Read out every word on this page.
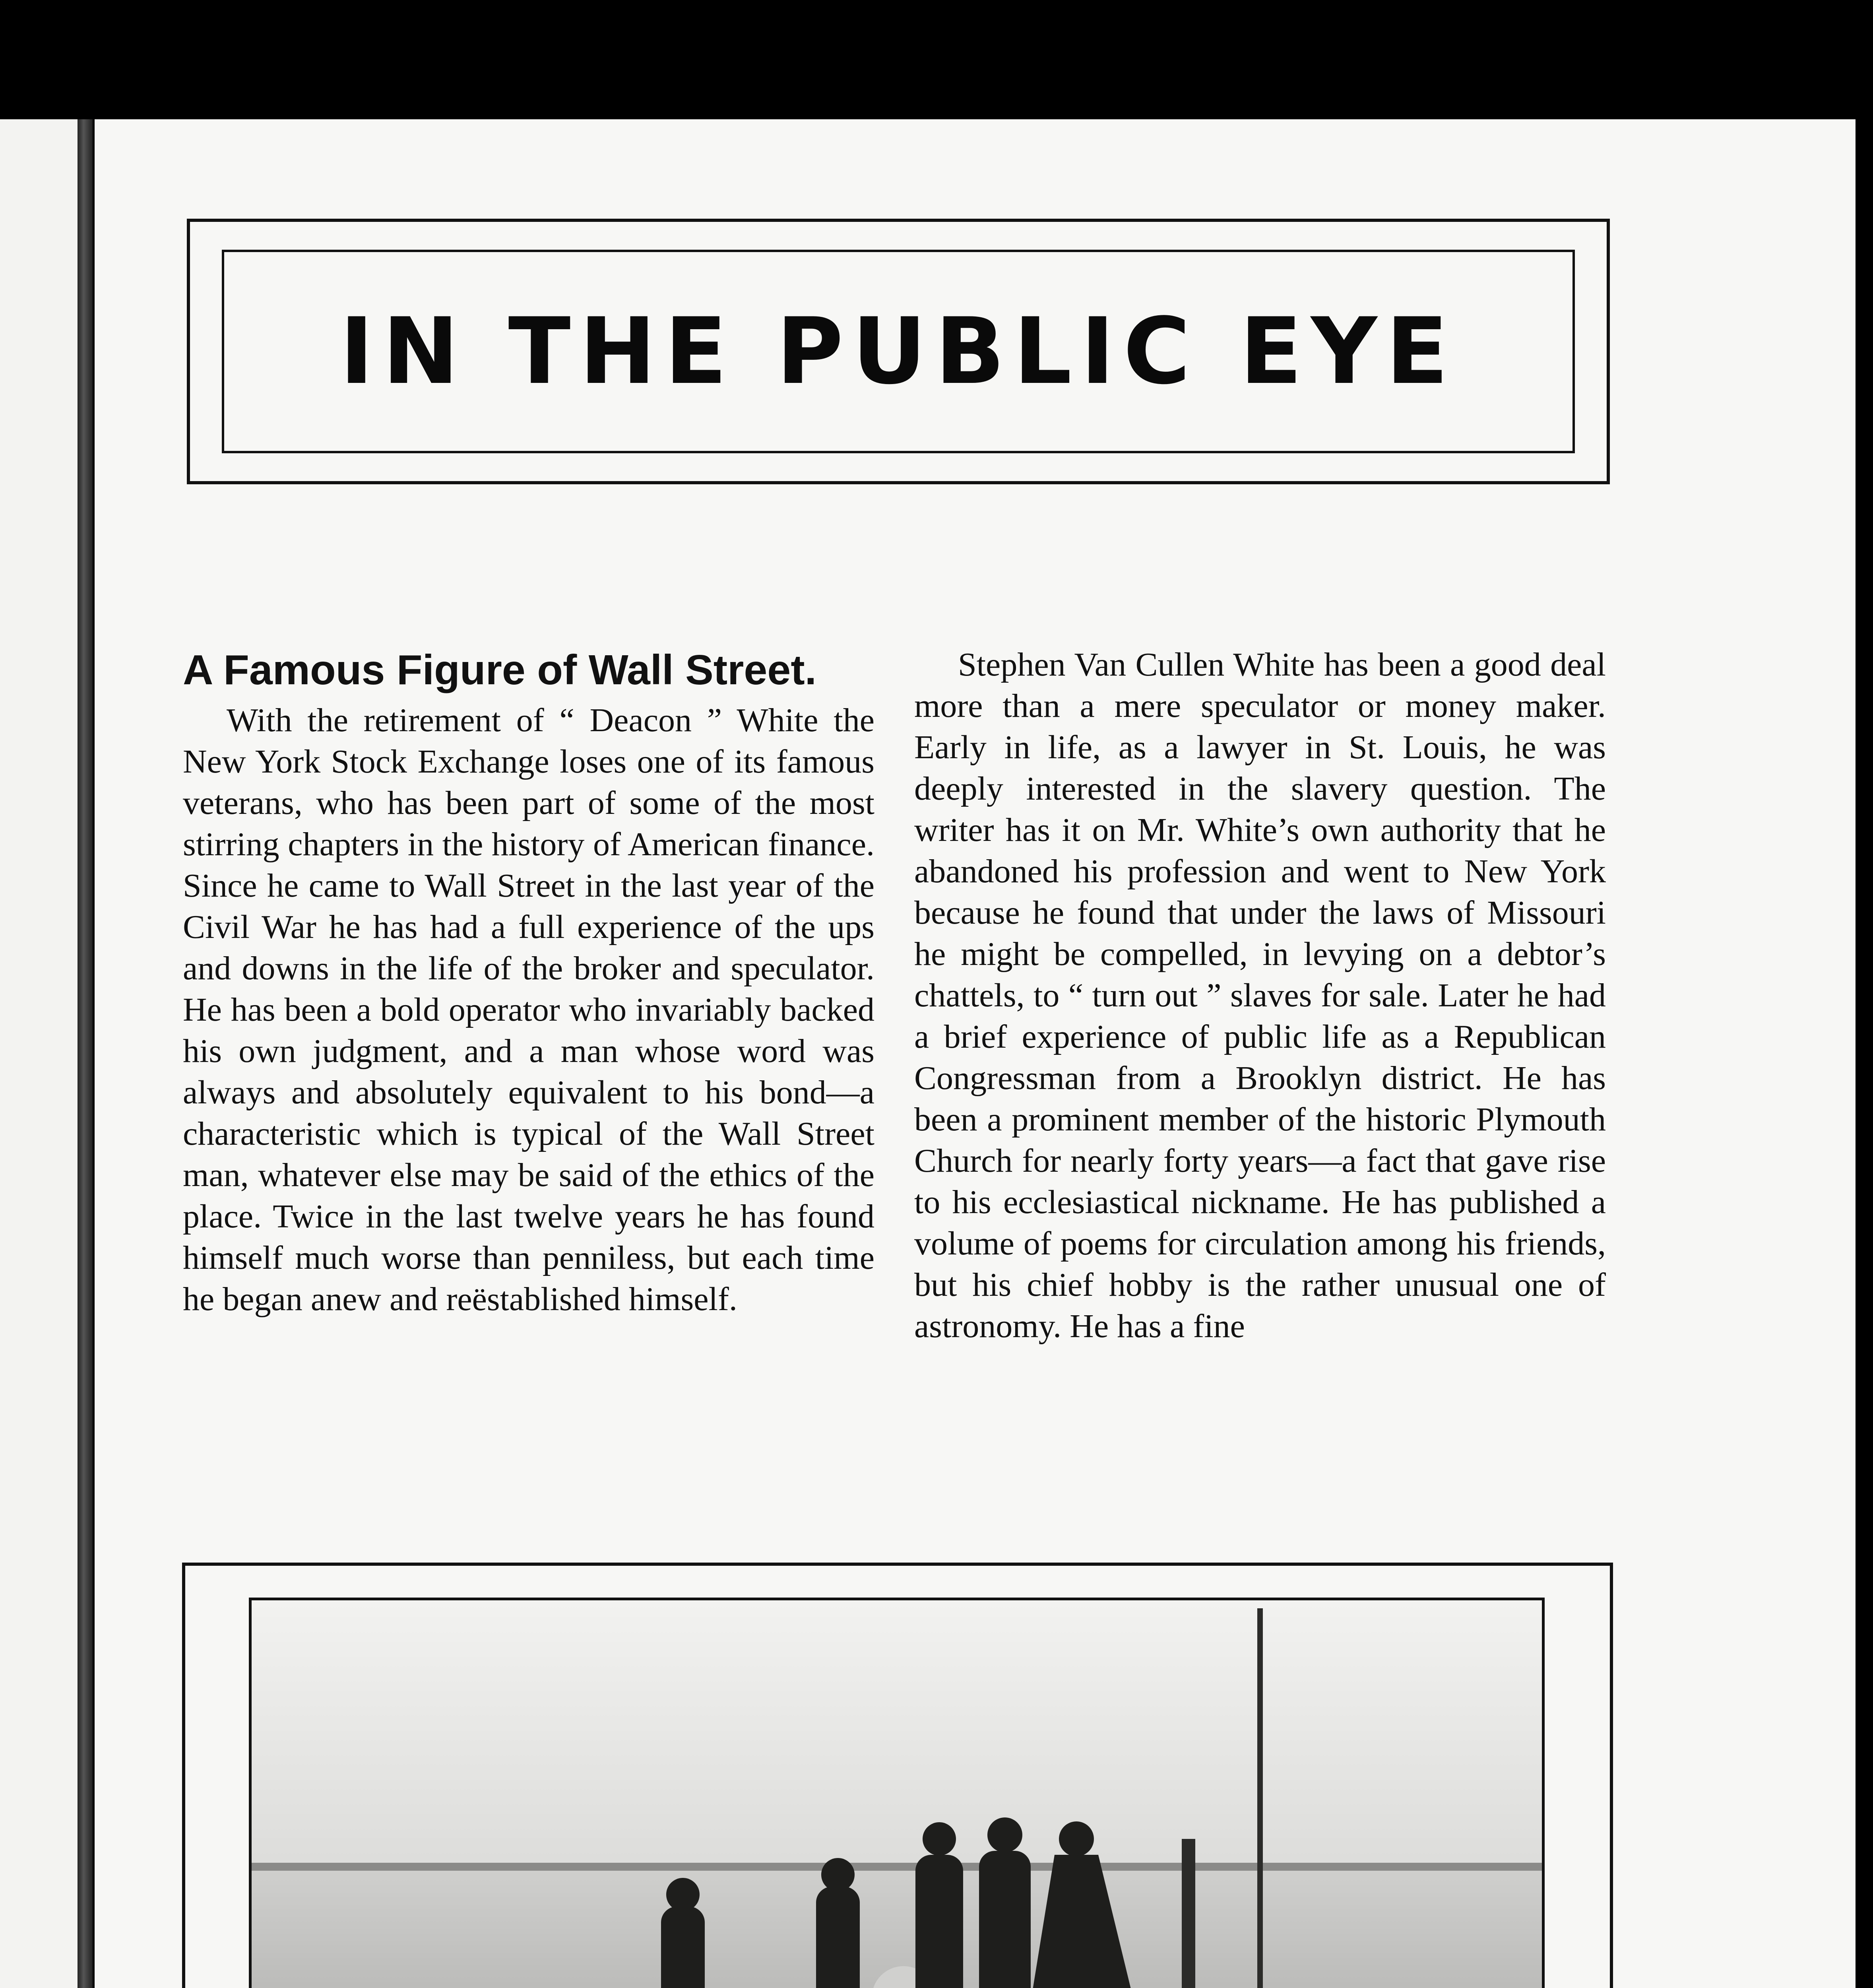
IN THE PUBLIC EYE
A Famous Figure of Wall Street.

With the retirement of “ Deacon ” White the New York Stock Exchange loses one of its famous veterans, who has been part of some of the most stirring chapters in the history of American finance. Since he came to Wall Street in the last year of the Civil War he has had a full experience of the ups and downs in the life of the broker and speculator. He has been a bold operator who invariably backed his own judgment, and a man whose word was always and absolutely equivalent to his bond—a characteristic which is typical of the Wall Street man, whatever else may be said of the ethics of the place. Twice in the last twelve years he has found himself much worse than penniless, but each time he began anew and reëstablished himself.

Stephen Van Cullen White has been a good deal more than a mere speculator or money maker. Early in life, as a lawyer in St. Louis, he was deeply interested in the slavery question. The writer has it on Mr. White’s own authority that he abandoned his profession and went to New York because he found that under the laws of Missouri he might be compelled, in levying on a debtor’s chattels, to “ turn out ” slaves for sale. Later he had a brief experience of public life as a Republican Congressman from a Brooklyn district. He has been a prominent member of the historic Plymouth Church for nearly forty years—a fact that gave rise to his ecclesiastical nickname. He has published a volume of poems for circulation among his friends, but his chief hobby is the rather unusual one of astronomy. He has a fine
